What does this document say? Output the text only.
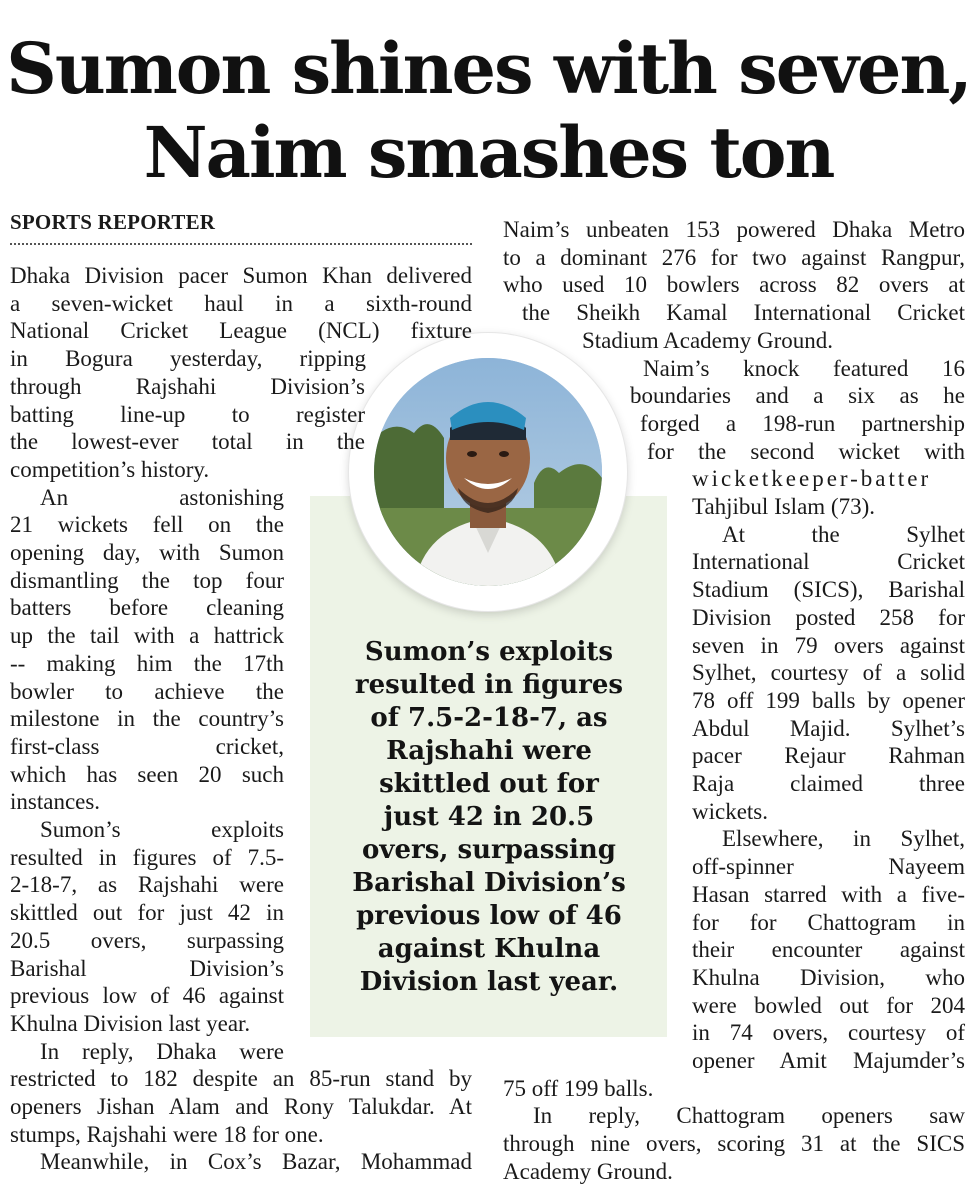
Sumon shines with seven,
Naim smashes ton
SPORTS REPORTER
Sumon’s exploits
resulted in figures
of 7.5-2-18-7, as
Rajshahi were
skittled out for
just 42 in 20.5
overs, surpassing
Barishal Division’s
previous low of 46
against Khulna
Division last year.
Dhaka Division pacer Sumon Khan delivered
a seven-wicket haul in a sixth-round
National Cricket League (NCL) fixture
in Bogura yesterday, ripping
through Rajshahi Division’s
batting line-up to register
the lowest-ever total in the
competition’s history.
An astonishing
21 wickets fell on the
opening day, with Sumon
dismantling the top four
batters before cleaning
up the tail with a hattrick
-- making him the 17th
bowler to achieve the
milestone in the country’s
first-class cricket,
which has seen 20 such
instances.
Sumon’s exploits
resulted in figures of 7.5-
2-18-7, as Rajshahi were
skittled out for just 42 in
20.5 overs, surpassing
Barishal Division’s
previous low of 46 against
Khulna Division last year.
In reply, Dhaka were
restricted to 182 despite an 85-run stand by
openers Jishan Alam and Rony Talukdar. At
stumps, Rajshahi were 18 for one.
Meanwhile, in Cox’s Bazar, Mohammad
Naim’s unbeaten 153 powered Dhaka Metro
to a dominant 276 for two against Rangpur,
who used 10 bowlers across 82 overs at
the Sheikh Kamal International Cricket
Stadium Academy Ground.
Naim’s knock featured 16
boundaries and a six as he
forged a 198-run partnership
for the second wicket with
wicketkeeper-batter
Tahjibul Islam (73).
At the Sylhet
International Cricket
Stadium (SICS), Barishal
Division posted 258 for
seven in 79 overs against
Sylhet, courtesy of a solid
78 off 199 balls by opener
Abdul Majid. Sylhet’s
pacer Rejaur Rahman
Raja claimed three
wickets.
Elsewhere, in Sylhet,
off-spinner Nayeem
Hasan starred with a five-
for for Chattogram in
their encounter against
Khulna Division, who
were bowled out for 204
in 74 overs, courtesy of
opener Amit Majumder’s
75 off 199 balls.
In reply, Chattogram openers saw
through nine overs, scoring 31 at the SICS
Academy Ground.
